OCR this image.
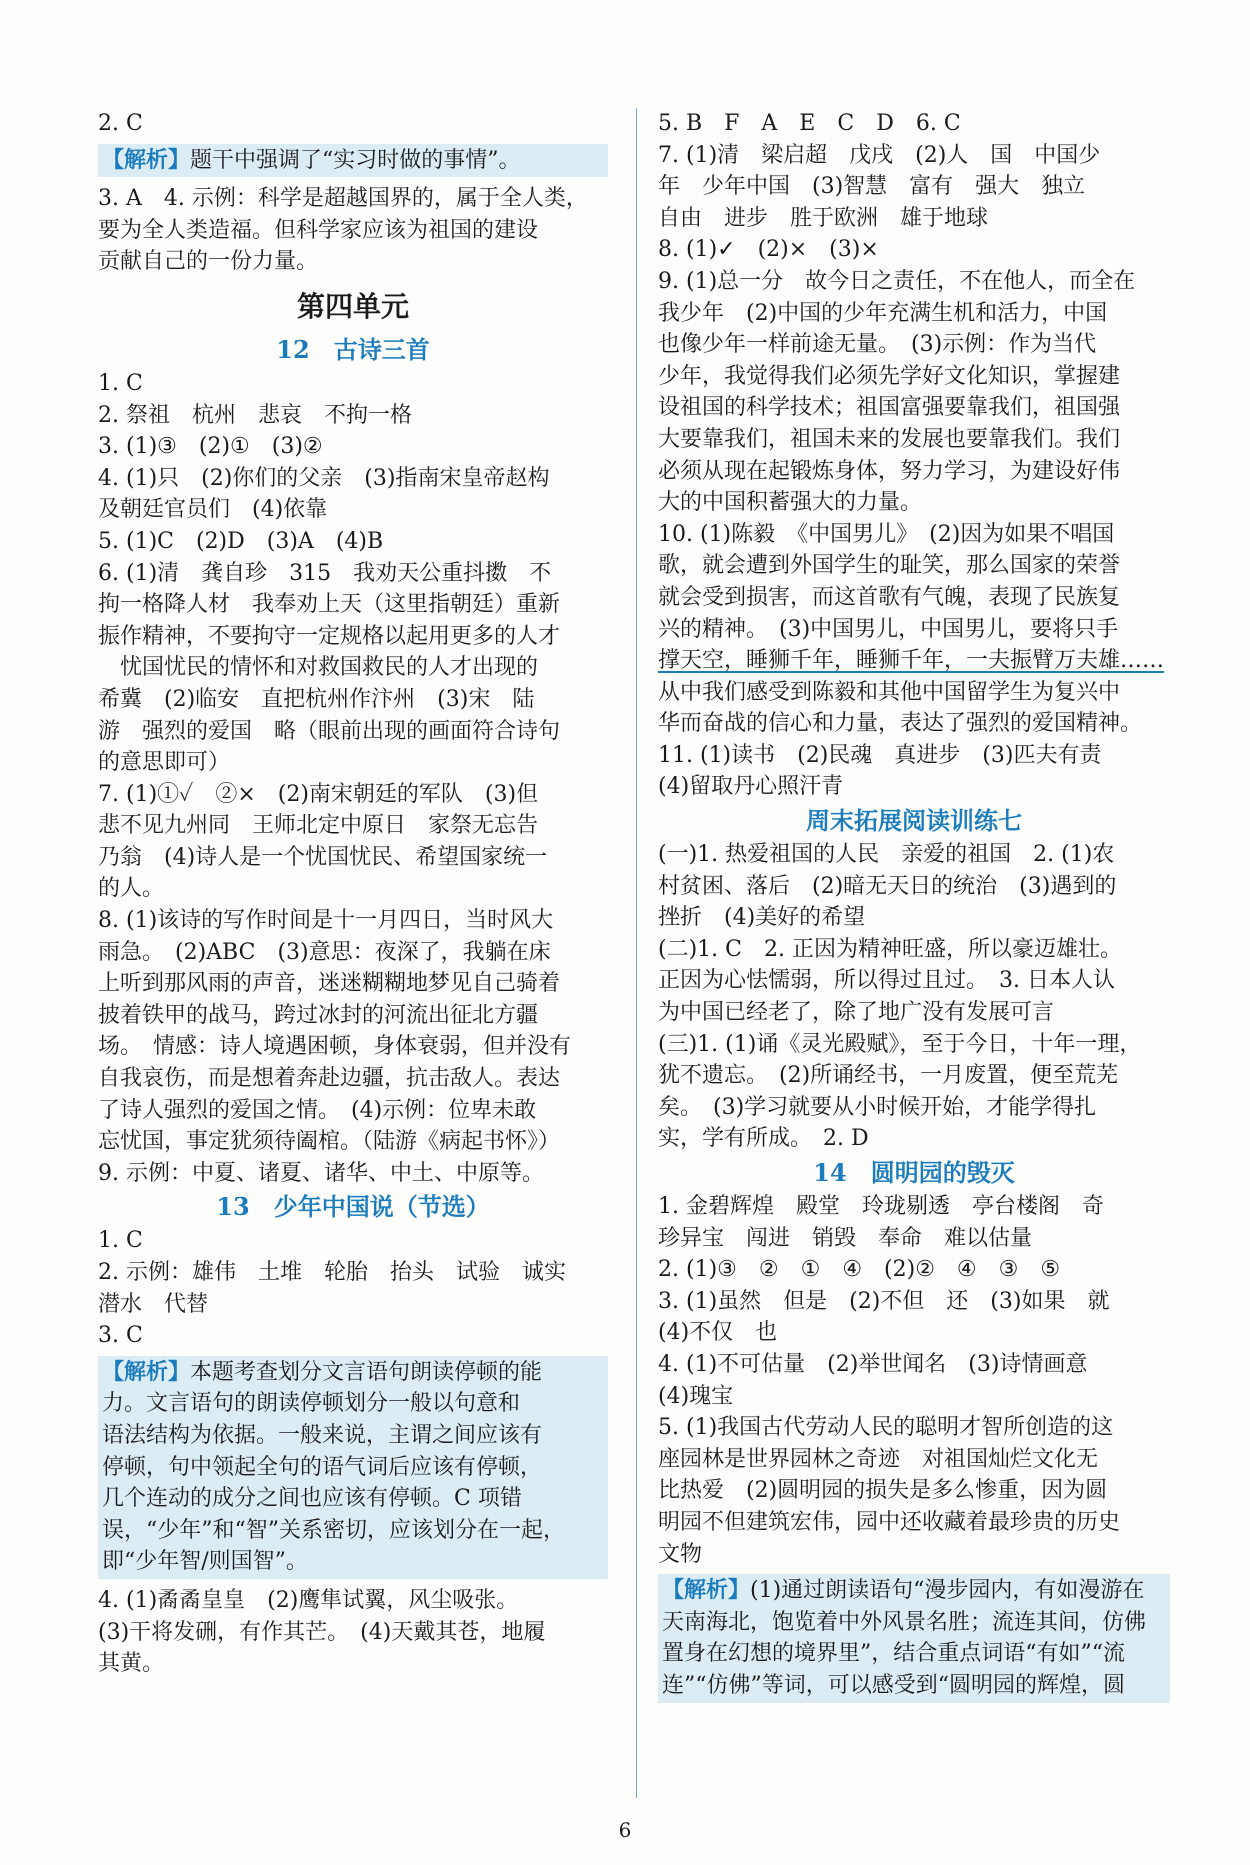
2. C
【解析】题干中强调了“实习时做的事情”。
3. A　4. 示例：科学是超越国界的，属于全人类，
要为全人类造福。但科学家应该为祖国的建设
贡献自己的一份力量。
第四单元
12　古诗三首
1. C
2. 祭祖　杭州　悲哀　不拘一格
3. (1)③　(2)①　(3)②
4. (1)只　(2)你们的父亲　(3)指南宋皇帝赵构
及朝廷官员们　(4)依靠
5. (1)C　(2)D　(3)A　(4)B
6. (1)清　龚自珍　315　我劝天公重抖擞　不
拘一格降人材　我奉劝上天（这里指朝廷）重新
振作精神，不要拘守一定规格以起用更多的人才
　忧国忧民的情怀和对救国救民的人才出现的
希冀　(2)临安　直把杭州作汴州　(3)宋　陆
游　强烈的爱国　略（眼前出现的画面符合诗句
的意思即可）
7. (1)①✓　②×　(2)南宋朝廷的军队　(3)但
悲不见九州同　王师北定中原日　家祭无忘告
乃翁　(4)诗人是一个忧国忧民、希望国家统一
的人。
8. (1)该诗的写作时间是十一月四日，当时风大
雨急。　(2)ABC　(3)意思：夜深了，我躺在床
上听到那风雨的声音，迷迷糊糊地梦见自己骑着
披着铁甲的战马，跨过冰封的河流出征北方疆
场。　情感：诗人境遇困顿，身体衰弱，但并没有
自我哀伤，而是想着奔赴边疆，抗击敌人。表达
了诗人强烈的爱国之情。　(4)示例：位卑未敢
忘忧国，事定犹须待阖棺。（陆游《病起书怀》）
9. 示例：中夏、诸夏、诸华、中土、中原等。
13　少年中国说（节选）
1. C
2. 示例：雄伟　土堆　轮胎　抬头　试验　诚实
潜水　代替
3. C
【解析】本题考查划分文言语句朗读停顿的能
力。文言语句的朗读停顿划分一般以句意和
语法结构为依据。一般来说，主谓之间应该有
停顿，句中领起全句的语气词后应该有停顿，
几个连动的成分之间也应该有停顿。C 项错
误，“少年”和“智”关系密切，应该划分在一起，
即“少年智/则国智”。
4. (1)矞矞皇皇　(2)鹰隼试翼，风尘吸张。
(3)干将发硎，有作其芒。　(4)天戴其苍，地履
其黄。
5. B　F　A　E　C　D　6. C
7. (1)清　梁启超　戊戌　(2)人　国　中国少
年　少年中国　(3)智慧　富有　强大　独立
自由　进步　胜于欧洲　雄于地球
8. (1)✓　(2)×　(3)×
9. (1)总一分　故今日之责任，不在他人，而全在
我少年　(2)中国的少年充满生机和活力，中国
也像少年一样前途无量。　(3)示例：作为当代
少年，我觉得我们必须先学好文化知识，掌握建
设祖国的科学技术；祖国富强要靠我们，祖国强
大要靠我们，祖国未来的发展也要靠我们。我们
必须从现在起锻炼身体，努力学习，为建设好伟
大的中国积蓄强大的力量。
10. (1)陈毅　《中国男儿》　(2)因为如果不唱国
歌，就会遭到外国学生的耻笑，那么国家的荣誉
就会受到损害，而这首歌有气魄，表现了民族复
兴的精神。　(3)中国男儿，中国男儿，要将只手
撑天空，睡狮千年，睡狮千年，一夫振臂万夫雄……
从中我们感受到陈毅和其他中国留学生为复兴中
华而奋战的信心和力量，表达了强烈的爱国精神。
11. (1)读书　(2)民魂　真进步　(3)匹夫有责
(4)留取丹心照汗青
周末拓展阅读训练七
(一)1. 热爱祖国的人民　亲爱的祖国　2. (1)农
村贫困、落后　(2)暗无天日的统治　(3)遇到的
挫折　(4)美好的希望
(二)1. C　2. 正因为精神旺盛，所以豪迈雄壮。
正因为心怯懦弱，所以得过且过。　3. 日本人认
为中国已经老了，除了地广没有发展可言
(三)1. (1)诵《灵光殿赋》，至于今日，十年一理，
犹不遗忘。　(2)所诵经书，一月废置，便至荒芜
矣。　(3)学习就要从小时候开始，才能学得扎
实，学有所成。　2. D
14　圆明园的毁灭
1. 金碧辉煌　殿堂　玲珑剔透　亭台楼阁　奇
珍异宝　闯进　销毁　奉命　难以估量
2. (1)③　②　①　④　(2)②　④　③　⑤
3. (1)虽然　但是　(2)不但　还　(3)如果　就
(4)不仅　也
4. (1)不可估量　(2)举世闻名　(3)诗情画意
(4)瑰宝
5. (1)我国古代劳动人民的聪明才智所创造的这
座园林是世界园林之奇迹　对祖国灿烂文化无
比热爱　(2)圆明园的损失是多么惨重，因为圆
明园不但建筑宏伟，园中还收藏着最珍贵的历史
文物
【解析】(1)通过朗读语句“漫步园内，有如漫游在
天南海北，饱览着中外风景名胜；流连其间，仿佛
置身在幻想的境界里”，结合重点词语“有如”“流
连”“仿佛”等词，可以感受到“圆明园的辉煌，圆
6
